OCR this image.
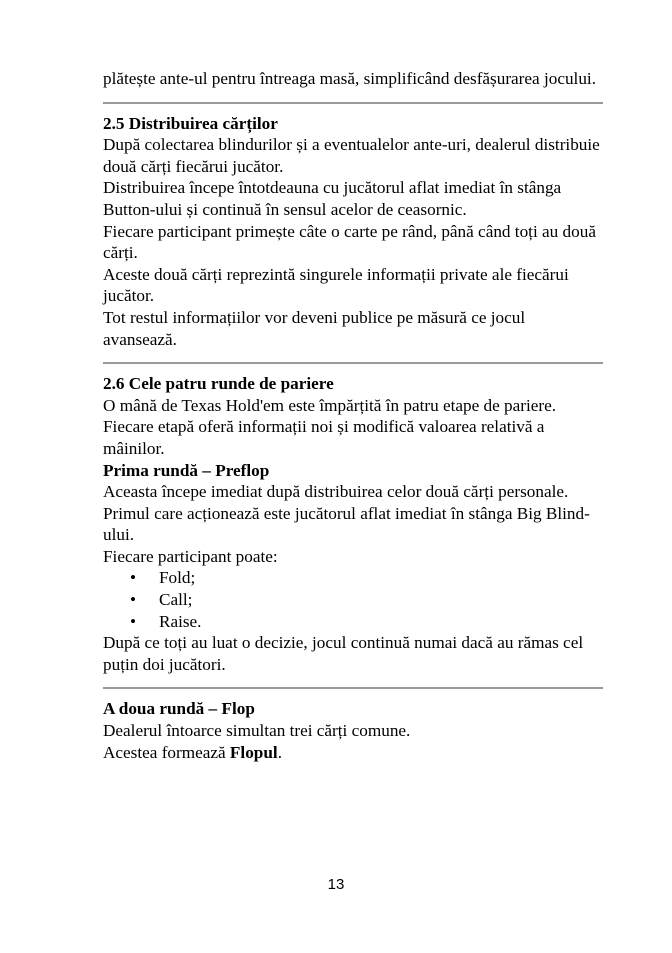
plătește ante-ul pentru întreaga masă, simplificând desfășurarea jocului.

2.5 Distribuirea cărților

După colectarea blindurilor și a eventualelor ante-uri, dealerul distribuie două cărți fiecărui jucător.

Distribuirea începe întotdeauna cu jucătorul aflat imediat în stânga Button-ului și continuă în sensul acelor de ceasornic.

Fiecare participant primește câte o carte pe rând, până când toți au două cărți.

Aceste două cărți reprezintă singurele informații private ale fiecărui jucător.

Tot restul informațiilor vor deveni publice pe măsură ce jocul avansează.

2.6 Cele patru runde de pariere

O mână de Texas Hold'em este împărțită în patru etape de pariere.

Fiecare etapă oferă informații noi și modifică valoarea relativă a mâinilor.

Prima rundă – Preflop

Aceasta începe imediat după distribuirea celor două cărți personale.

Primul care acționează este jucătorul aflat imediat în stânga Big Blind-ului.

Fiecare participant poate:

• Fold;
• Call;
• Raise.

După ce toți au luat o decizie, jocul continuă numai dacă au rămas cel puțin doi jucători.

A doua rundă – Flop

Dealerul întoarce simultan trei cărți comune.

Acestea formează Flopul.

13
